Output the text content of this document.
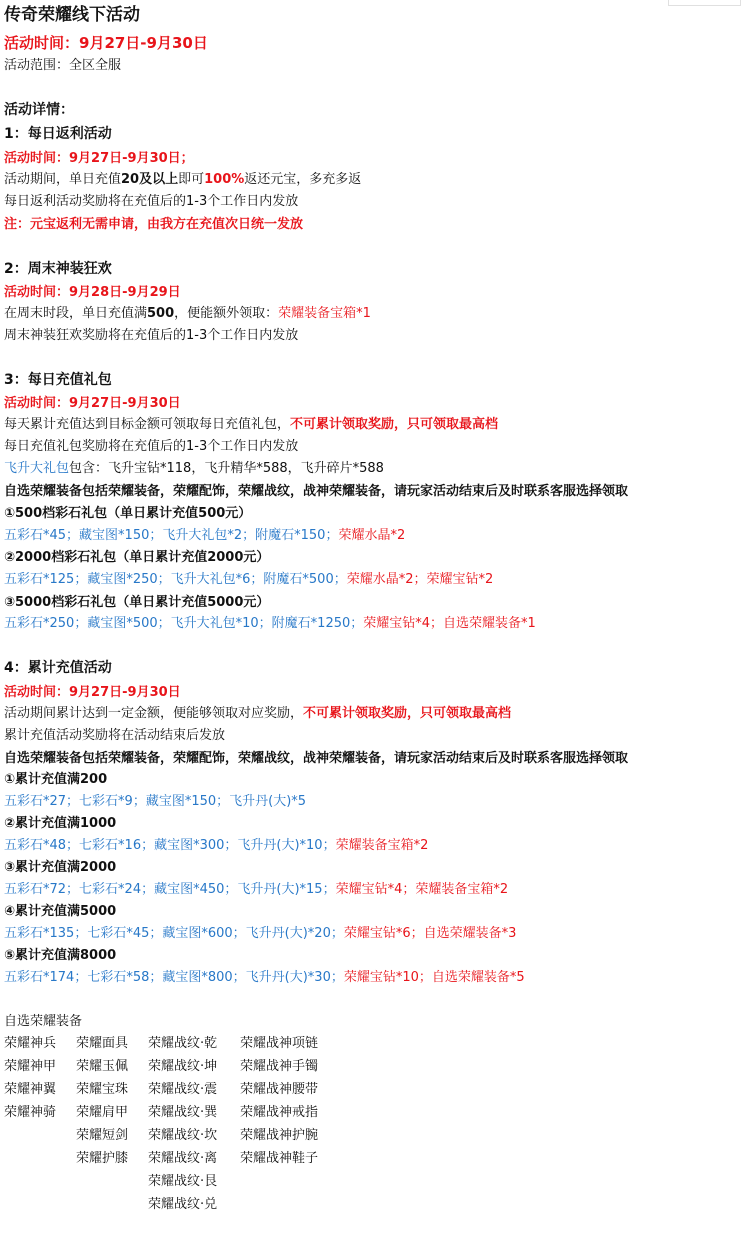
传奇荣耀线下活动
活动时间：9月27日-9月30日
活动范围：全区全服
活动详情：
1：每日返利活动
活动时间：9月27日-9月30日；
活动期间，单日充值20及以上即可100%返还元宝，多充多返
每日返利活动奖励将在充值后的1-3个工作日内发放
注：元宝返利无需申请，由我方在充值次日统一发放
2：周末神装狂欢
活动时间：9月28日-9月29日
在周末时段，单日充值满500，便能额外领取：荣耀装备宝箱*1
周末神装狂欢奖励将在充值后的1-3个工作日内发放
3：每日充值礼包
活动时间：9月27日-9月30日
每天累计充值达到目标金额可领取每日充值礼包，不可累计领取奖励，只可领取最高档
每日充值礼包奖励将在充值后的1-3个工作日内发放
飞升大礼包包含：飞升宝钻*118，飞升精华*588，飞升碎片*588
自选荣耀装备包括荣耀装备，荣耀配饰，荣耀战纹，战神荣耀装备，请玩家活动结束后及时联系客服选择领取
①500档彩石礼包（单日累计充值500元）
五彩石*45；藏宝图*150；飞升大礼包*2；附魔石*150；荣耀水晶*2
②2000档彩石礼包（单日累计充值2000元）
五彩石*125；藏宝图*250；飞升大礼包*6；附魔石*500；荣耀水晶*2；荣耀宝钻*2
③5000档彩石礼包（单日累计充值5000元）
五彩石*250；藏宝图*500；飞升大礼包*10；附魔石*1250；荣耀宝钻*4；自选荣耀装备*1
4：累计充值活动
活动时间：9月27日-9月30日
活动期间累计达到一定金额，便能够领取对应奖励，不可累计领取奖励，只可领取最高档
累计充值活动奖励将在活动结束后发放
自选荣耀装备包括荣耀装备，荣耀配饰，荣耀战纹，战神荣耀装备，请玩家活动结束后及时联系客服选择领取
①累计充值满200
五彩石*27；七彩石*9；藏宝图*150；飞升丹(大)*5
②累计充值满1000
五彩石*48；七彩石*16；藏宝图*300；飞升丹(大)*10；荣耀装备宝箱*2
③累计充值满2000
五彩石*72；七彩石*24；藏宝图*450；飞升丹(大)*15；荣耀宝钻*4；荣耀装备宝箱*2
④累计充值满5000
五彩石*135；七彩石*45；藏宝图*600；飞升丹(大)*20；荣耀宝钻*6；自选荣耀装备*3
⑤累计充值满8000
五彩石*174；七彩石*58；藏宝图*800；飞升丹(大)*30；荣耀宝钻*10；自选荣耀装备*5
自选荣耀装备
荣耀神兵
荣耀神甲
荣耀神翼
荣耀神骑
荣耀面具
荣耀玉佩
荣耀宝珠
荣耀肩甲
荣耀短剑
荣耀护膝
荣耀战纹·乾
荣耀战纹·坤
荣耀战纹·震
荣耀战纹·巽
荣耀战纹·坎
荣耀战纹·离
荣耀战纹·艮
荣耀战纹·兑
荣耀战神项链
荣耀战神手镯
荣耀战神腰带
荣耀战神戒指
荣耀战神护腕
荣耀战神鞋子
